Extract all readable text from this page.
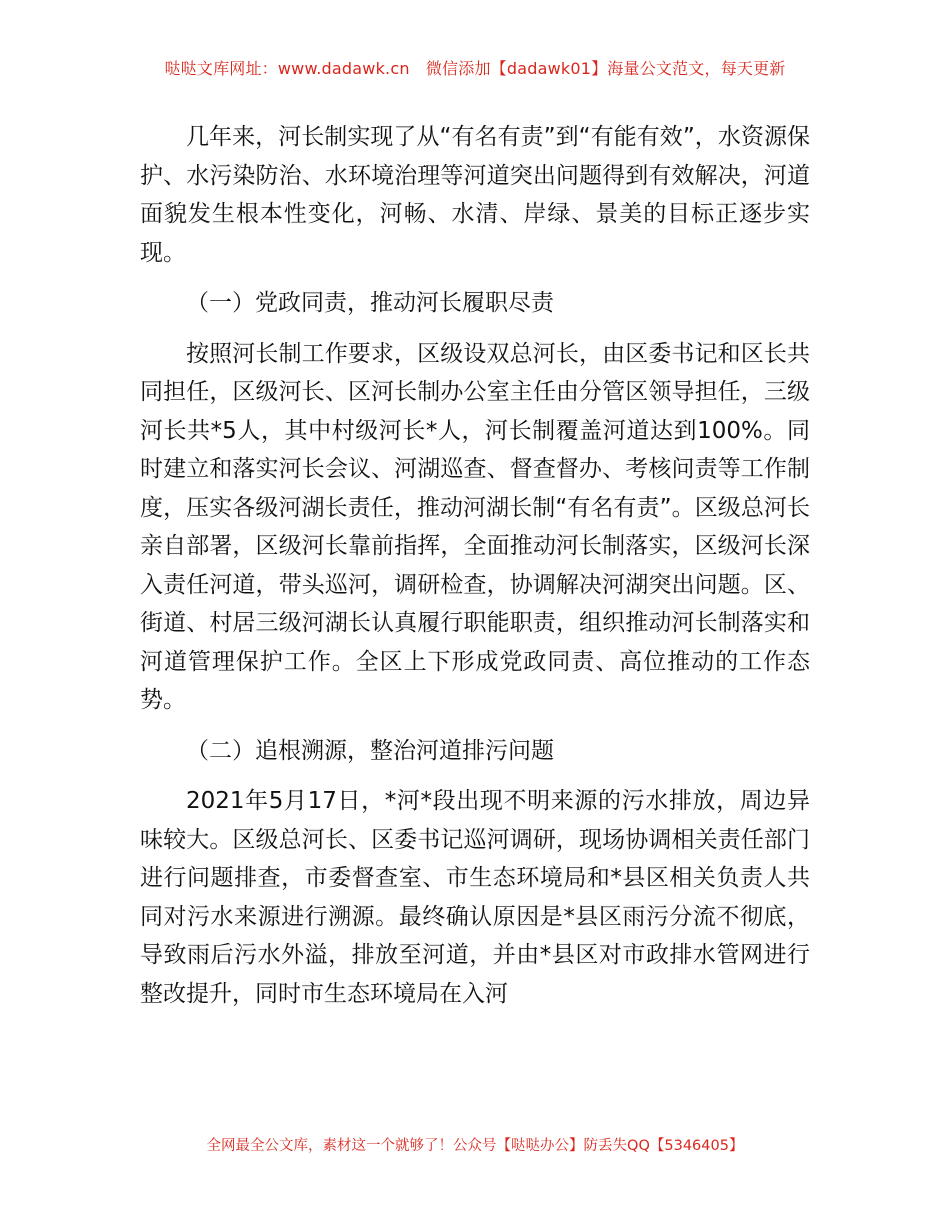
哒哒文库网址：www.dadawk.cn　微信添加【dadawk01】海量公文范文，每天更新

几年来，河长制实现了从“有名有责”到“有能有效”，水资源保护、水污染防治、水环境治理等河道突出问题得到有效解决，河道面貌发生根本性变化，河畅、水清、岸绿、景美的目标正逐步实现。

（一）党政同责，推动河长履职尽责

按照河长制工作要求，区级设双总河长，由区委书记和区长共同担任，区级河长、区河长制办公室主任由分管区领导担任，三级河长共*5人，其中村级河长*人，河长制覆盖河道达到100%。同时建立和落实河长会议、河湖巡查、督查督办、考核问责等工作制度，压实各级河湖长责任，推动河湖长制“有名有责”。区级总河长亲自部署，区级河长靠前指挥，全面推动河长制落实，区级河长深入责任河道，带头巡河，调研检查，协调解决河湖突出问题。区、街道、村居三级河湖长认真履行职能职责，组织推动河长制落实和河道管理保护工作。全区上下形成党政同责、高位推动的工作态势。

（二）追根溯源，整治河道排污问题

2021年5月17日，*河*段出现不明来源的污水排放，周边异味较大。区级总河长、区委书记巡河调研，现场协调相关责任部门进行问题排查，市委督查室、市生态环境局和*县区相关负责人共同对污水来源进行溯源。最终确认原因是*县区雨污分流不彻底，导致雨后污水外溢，排放至河道，并由*县区对市政排水管网进行整改提升，同时市生态环境局在入河

全网最全公文库，素材这一个就够了！公众号【哒哒办公】防丢失QQ【5346405】
